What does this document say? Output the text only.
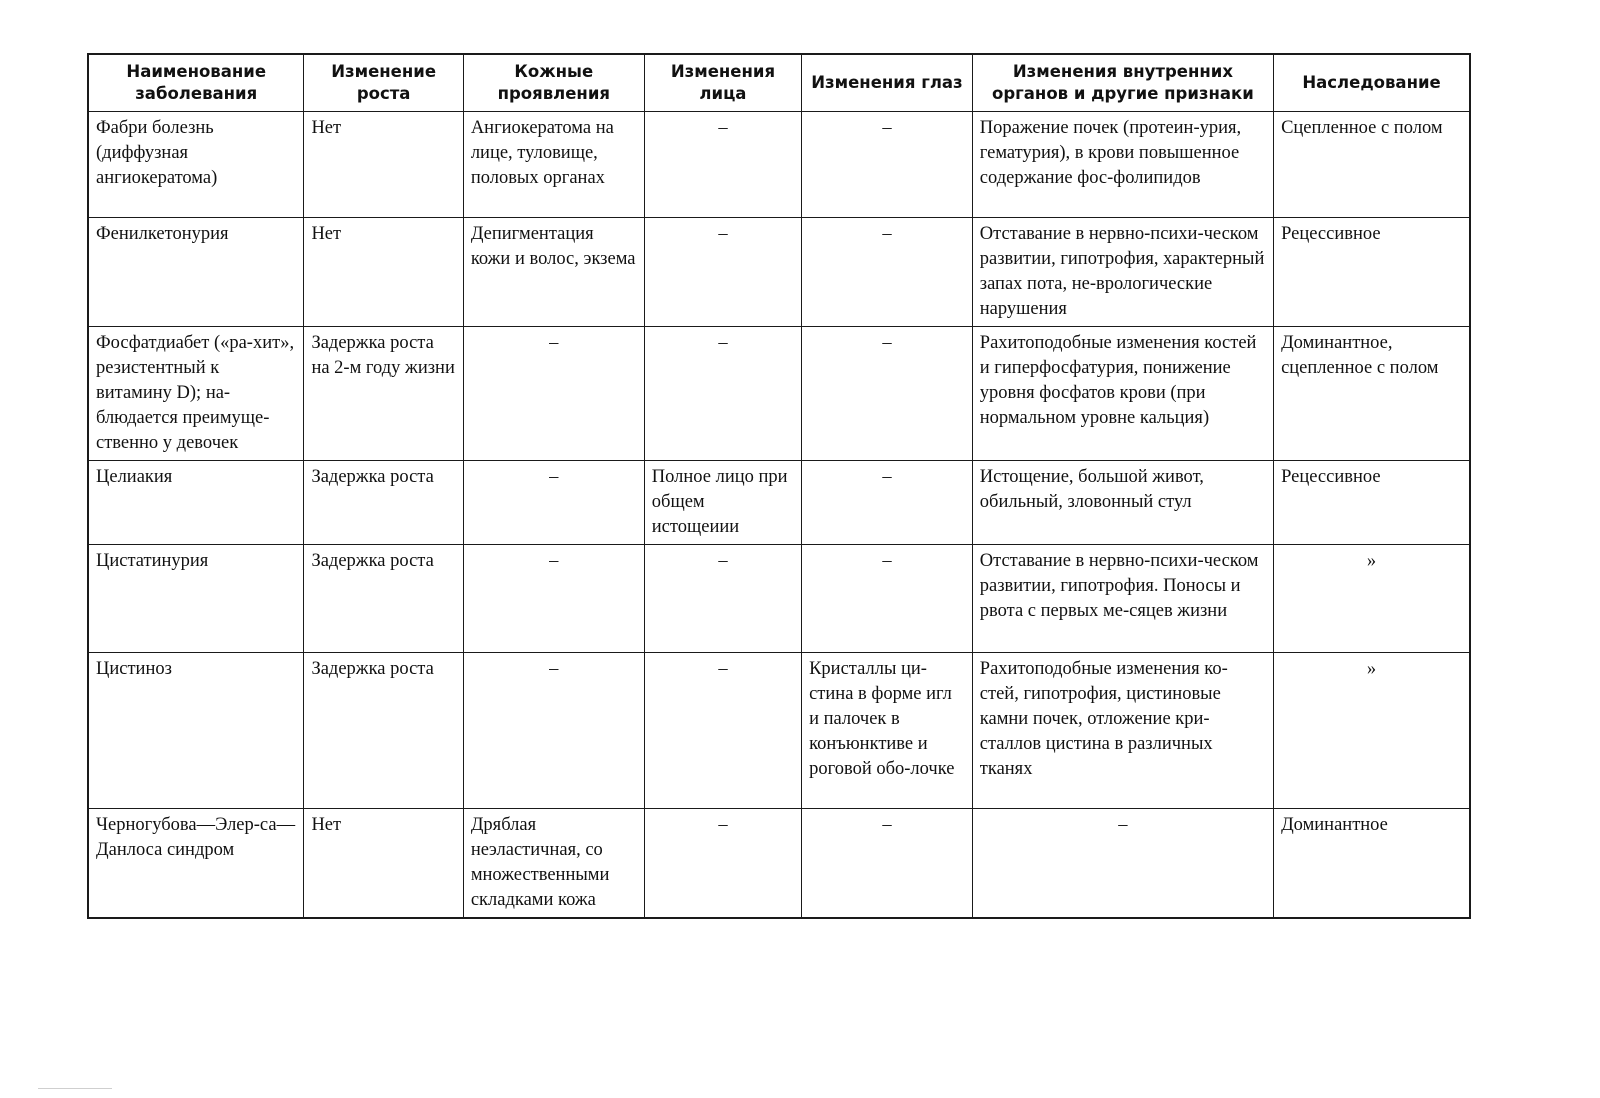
Наименование заболевания	Изменение роста	Кожные проявления	Изменения лица	Изменения глаз	Изменения внутренних органов и другие признаки	Наследование
Фабри болезнь (диффузная ангиокератома)	Нет	Ангиокератома на лице, туловище, половых органах	–	–	Поражение почек (протеин-урия, гематурия), в крови повышенное содержание фос-фолипидов	Сцепленное с полом
Фенилкетонурия	Нет	Депигментация кожи и волос, экзема	–	–	Отставание в нервно-психи-ческом развитии, гипотрофия, характерный запах пота, не-врологические нарушения	Рецессивное
Фосфатдиабет («ра-хит», резистентный к витамину D); на-блюдается преимуще-ственно у девочек	Задержка роста на 2-м году жизни	–	–	–	Рахитоподобные изменения костей и гиперфосфатурия, понижение уровня фосфатов крови (при нормальном уровне кальция)	Доминантное, сцепленное с полом
Целиакия	Задержка роста	–	Полное лицо при общем истощеиии	–	Истощение, большой живот, обильный, зловонный стул	Рецессивное
Цистатинурия	Задержка роста	–	–	–	Отставание в нервно-психи-ческом развитии, гипотрофия. Поносы и рвота с первых ме-сяцев жизни	»
Цистиноз	Задержка роста	–	–	Кристаллы ци-стина в форме игл и палочек в конъюнктиве и роговой обо-лочке	Рахитоподобные изменения ко-стей, гипотрофия, цистиновые камни почек, отложение кри-сталлов цистина в различных тканях	»
Черногубова—Элер-са—Данлоса синдром	Нет	Дряблая неэластичная, со множественными складками кожа	–	–	–	Доминантное
